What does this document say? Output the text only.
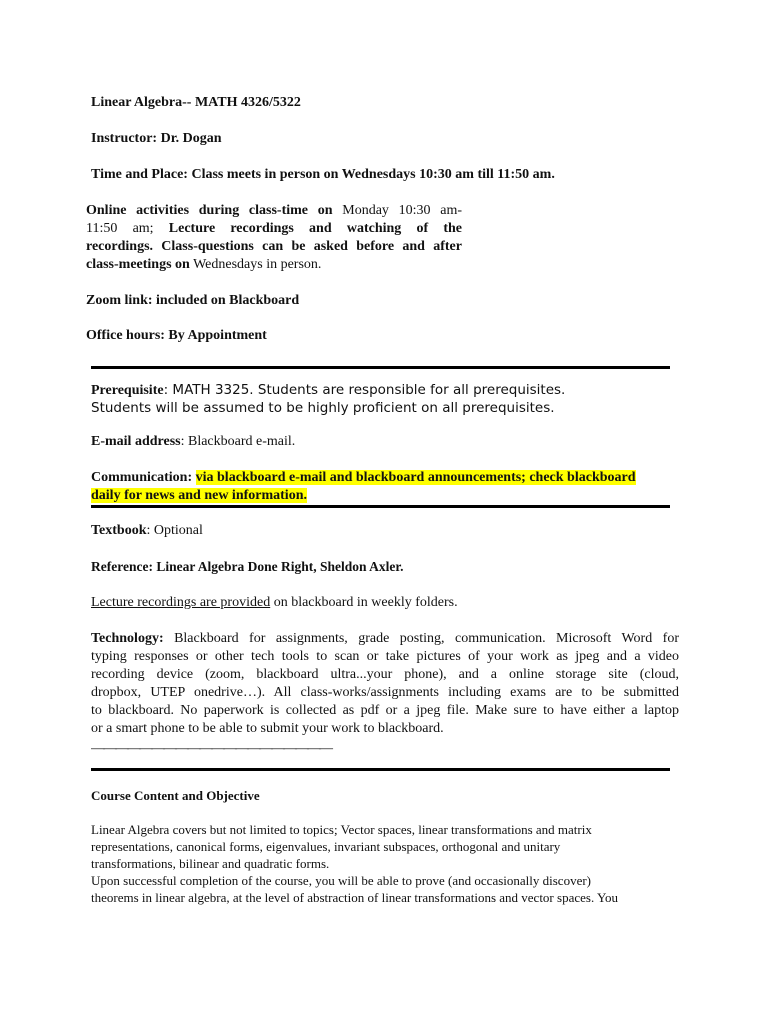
Linear Algebra-- MATH 4326/5322
Instructor: Dr. Dogan
Time and Place: Class meets in person on Wednesdays 10:30 am till 11:50 am.
Online activities during class-time on Monday 10:30 am-
11:50 am; Lecture recordings and watching of the
recordings. Class-questions can be asked before and after
class-meetings on Wednesdays in person.
Zoom link: included on Blackboard
Office hours: By Appointment
Prerequisite: MATH 3325. Students are responsible for all prerequisites.
Students will be assumed to be highly proficient on all prerequisites.
E-mail address: Blackboard e-mail.
Communication: via blackboard e-mail and blackboard announcements; check blackboard
daily for news and new information.
Textbook: Optional
Reference: Linear Algebra Done Right, Sheldon Axler.
Lecture recordings are provided on blackboard in weekly folders.
Technology: Blackboard for assignments, grade posting, communication. Microsoft Word for
typing responses or other tech tools to scan or take pictures of your work as jpeg and a video
recording device (zoom, blackboard ultra...your phone), and a online storage site (cloud,
dropbox, UTEP onedrive…). All class-works/assignments including exams are to be submitted
to blackboard. No paperwork is collected as pdf or a jpeg file. Make sure to have either a laptop
or a smart phone to be able to submit your work to blackboard.
————————————————————
Course Content and Objective
Linear Algebra covers but not limited to topics; Vector spaces, linear transformations and matrix
representations, canonical forms, eigenvalues, invariant subspaces, orthogonal and unitary
transformations, bilinear and quadratic forms.
Upon successful completion of the course, you will be able to prove (and occasionally discover)
theorems in linear algebra, at the level of abstraction of linear transformations and vector spaces. You
